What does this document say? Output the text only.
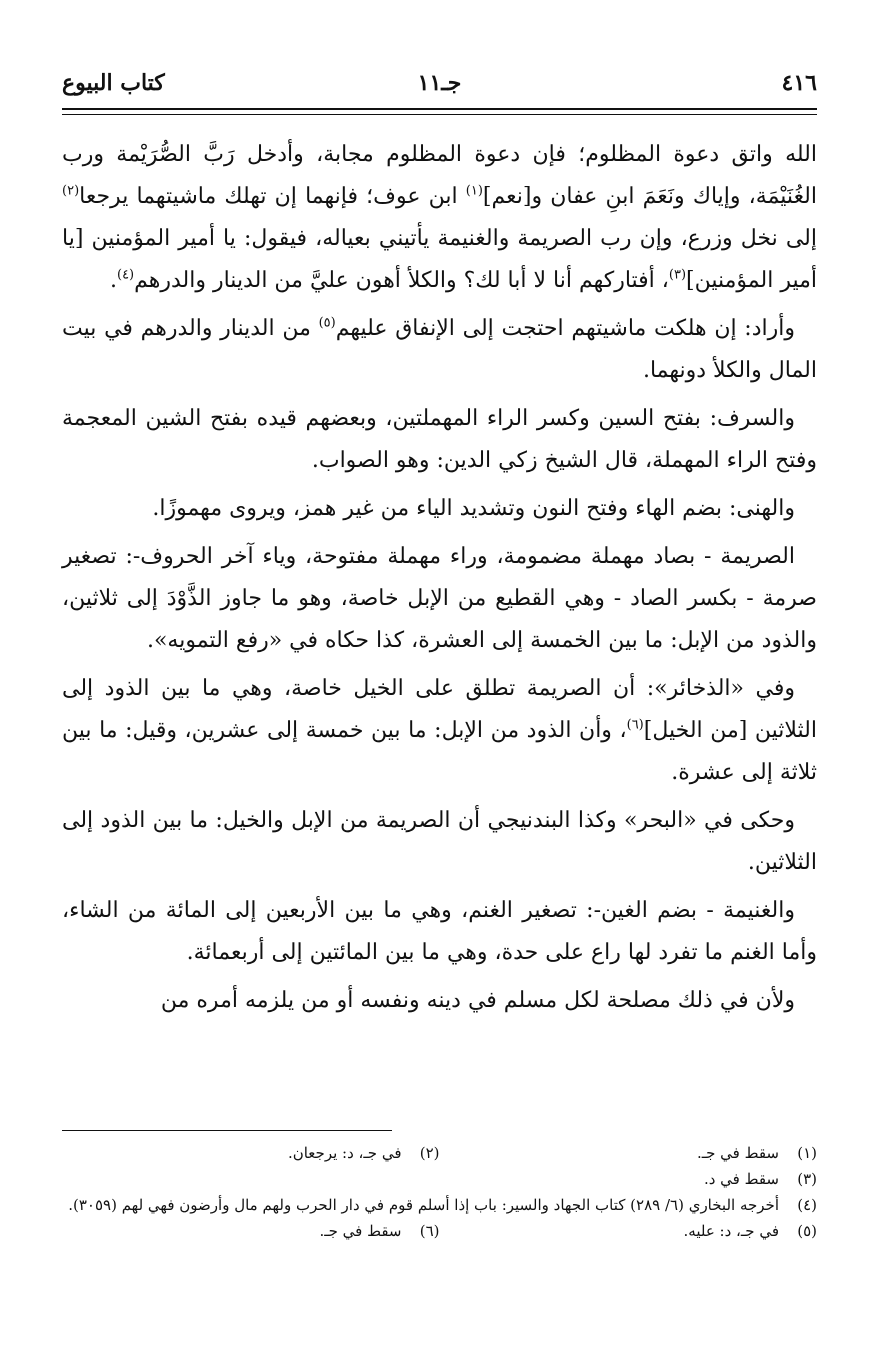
كتاب البيوع	جـ١١	٤١٦

الله واتق دعوة المظلوم؛ فإن دعوة المظلوم مجابة، وأدخل رَبَّ الصُّرَيْمة ورب الغُنَيْمَة، وإياك ونَعَمَ ابنِ عفان و[نعم]$^{(١)}$ ابن عوف؛ فإنهما إن تهلك ماشيتهما يرجعا$^{(٢)}$ إلى نخل وزرع، وإن رب الصريمة والغنيمة يأتيني بعياله، فيقول: يا أمير المؤمنين [يا أمير المؤمنين]$^{(٣)}$، أفتاركهم أنا لا أبا لك؟ والكلأ أهون عليَّ من الدينار والدرهم$^{(٤)}$.

وأراد: إن هلكت ماشيتهم احتجت إلى الإنفاق عليهم$^{(٥)}$ من الدينار والدرهم في بيت المال والكلأ دونهما.

والسرف: بفتح السين وكسر الراء المهملتين، وبعضهم قيده بفتح الشين المعجمة وفتح الراء المهملة، قال الشيخ زكي الدين: وهو الصواب.

والهنى: بضم الهاء وفتح النون وتشديد الياء من غير همز، ويروى مهموزًا.

الصريمة - بصاد مهملة مضمومة، وراء مهملة مفتوحة، وياء آخر الحروف-: تصغير صرمة - بكسر الصاد - وهي القطيع من الإبل خاصة، وهو ما جاوز الذَّوْدَ إلى ثلاثين، والذود من الإبل: ما بين الخمسة إلى العشرة، كذا حكاه في «رفع التمويه».

وفي «الذخائر»: أن الصريمة تطلق على الخيل خاصة، وهي ما بين الذود إلى الثلاثين [من الخيل]$^{(٦)}$، وأن الذود من الإبل: ما بين خمسة إلى عشرين، وقيل: ما بين ثلاثة إلى عشرة.

وحكى في «البحر» وكذا البندنيجي أن الصريمة من الإبل والخيل: ما بين الذود إلى الثلاثين.

والغنيمة - بضم الغين-: تصغير الغنم، وهي ما بين الأربعين إلى المائة من الشاء، وأما الغنم ما تفرد لها راع على حدة، وهي ما بين المائتين إلى أربعمائة.

ولأن في ذلك مصلحة لكل مسلم في دينه ونفسه أو من يلزمه أمره من

(١)سقط في جـ.
(٢)في جـ، د: يرجعان.
(٣)سقط في د.
(٤)أخرجه البخاري (٦/ ٢٨٩) كتاب الجهاد والسير: باب إذا أسلم قوم في دار الحرب ولهم مال وأرضون فهي لهم (٣٠٥٩).
(٥)في جـ، د: عليه.
(٦)سقط في جـ.
